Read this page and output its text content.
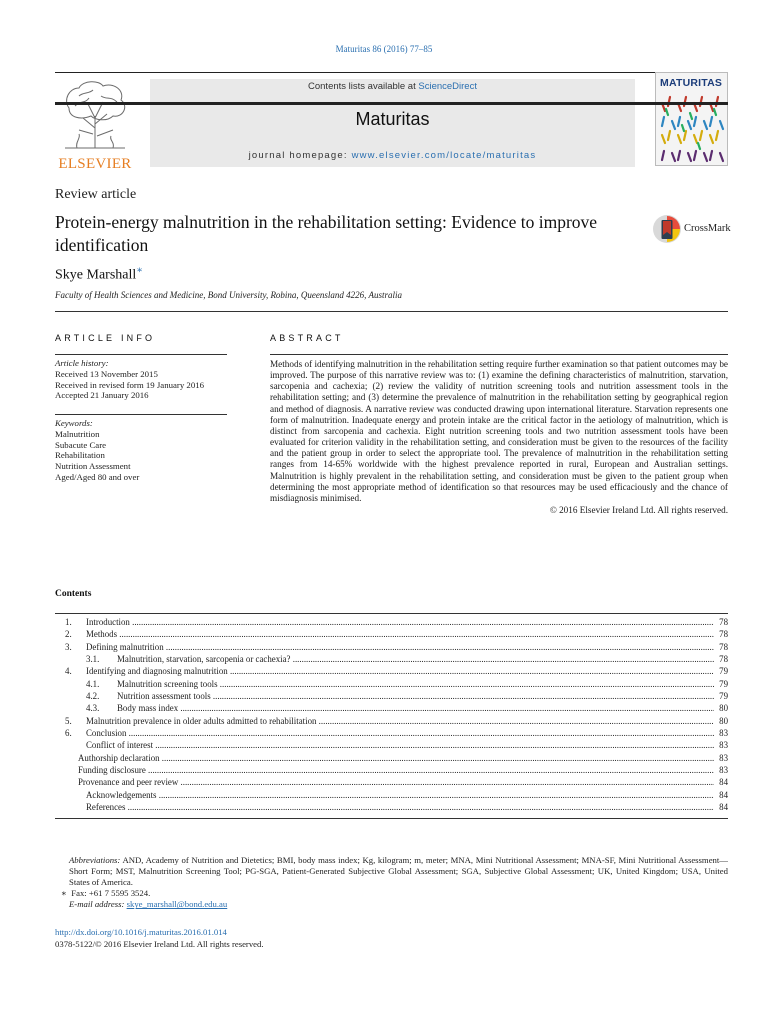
Maturitas 86 (2016) 77–85
ELSEVIER
Contents lists available at ScienceDirect
Maturitas
journal homepage: www.elsevier.com/locate/maturitas
MATURITAS
Review article
Protein-energy malnutrition in the rehabilitation setting: Evidence to improve identification
CrossMark
Skye Marshall∗
Faculty of Health Sciences and Medicine, Bond University, Robina, Queensland 4226, Australia
ARTICLE INFO	ABSTRACT
Article history:
Received 13 November 2015
Received in revised form 19 January 2016
Accepted 21 January 2016
Keywords:
Malnutrition
Subacute Care
Rehabilitation
Nutrition Assessment
Aged/Aged 80 and over
Methods of identifying malnutrition in the rehabilitation setting require further examination so that patient outcomes may be improved. The purpose of this narrative review was to: (1) examine the defining characteristics of malnutrition, starvation, sarcopenia and cachexia; (2) review the validity of nutrition screening tools and nutrition assessment tools in the rehabilitation setting; and (3) determine the prevalence of malnutrition in the rehabilitation setting by geographical region and method of diagnosis. A narrative review was conducted drawing upon international literature. Starvation represents one form of malnutrition. Inadequate energy and protein intake are the critical factor in the aetiology of malnutrition, which is distinct from sarcopenia and cachexia. Eight nutrition screening tools and two nutrition assessment tools have been evaluated for criterion validity in the rehabilitation setting, and consideration must be given to the resources of the facility and the patient group in order to select the appropriate tool. The prevalence of malnutrition in the rehabilitation setting ranges from 14-65% worldwide with the highest prevalence reported in rural, European and Australian settings. Malnutrition is highly prevalent in the rehabilitation setting, and consideration must be given to the patient group when determining the most appropriate method of identification so that resources may be used efficaciously and the chance of misdiagnosis minimised.
© 2016 Elsevier Ireland Ltd. All rights reserved.
Contents
1. Introduction .....	78
2. Methods .....	78
3. Defining malnutrition .....	78
3.1. Malnutrition, starvation, sarcopenia or cachexia? .....	78
4. Identifying and diagnosing malnutrition .....	79
4.1. Malnutrition screening tools .....	79
4.2. Nutrition assessment tools .....	79
4.3. Body mass index .....	80
5. Malnutrition prevalence in older adults admitted to rehabilitation .....	80
6. Conclusion .....	83
Conflict of interest .....	83
Authorship declaration .....	83
Funding disclosure .....	83
Provenance and peer review .....	84
Acknowledgements .....	84
References .....	84
Abbreviations: AND, Academy of Nutrition and Dietetics; BMI, body mass index; Kg, kilogram; m, meter; MNA, Mini Nutritional Assessment; MNA-SF, Mini Nutritional Assessment—Short Form; MST, Malnutrition Screening Tool; PG-SGA, Patient-Generated Subjective Global Assessment; SGA, Subjective Global Assessment; UK, United Kingdom; USA, United States of America.
∗ Fax: +61 7 5595 3524.
E-mail address: skye_marshall@bond.edu.au
http://dx.doi.org/10.1016/j.maturitas.2016.01.014
0378-5122/© 2016 Elsevier Ireland Ltd. All rights reserved.
